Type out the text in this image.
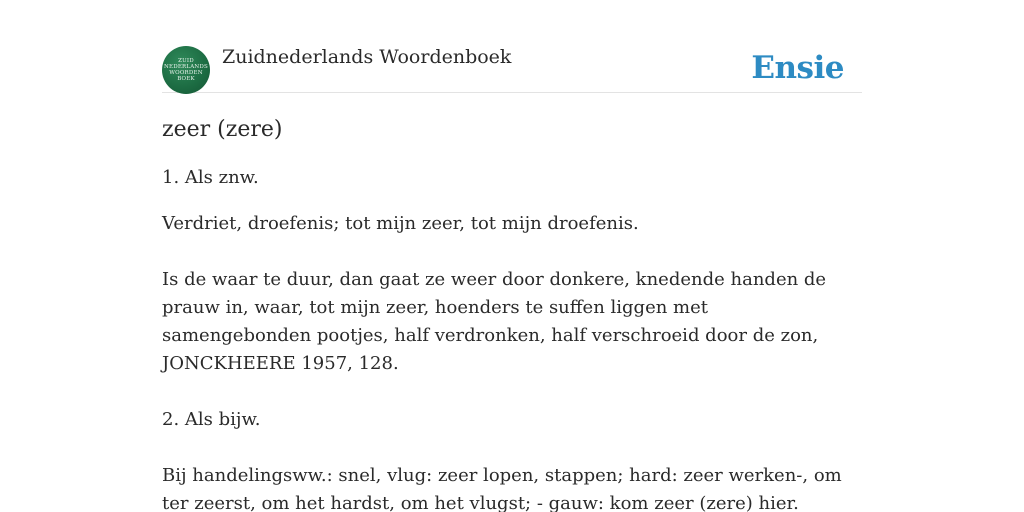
ZUID
NEDERLANDS
WOORDEN
BOEK
Zuidnederlands Woordenboek	Ensie
zeer (zere)

1. Als znw.

Verdriet, droefenis; tot mijn zeer, tot mijn droefenis.

Is de waar te duur, dan gaat ze weer door donkere, knedende handen de prauw in, waar, tot mijn zeer, hoenders te suffen liggen met samengebonden pootjes, half verdronken, half verschroeid door de zon, JONCKHEERE 1957, 128.

2. Als bijw.

Bij handelingsww.: snel, vlug: zeer lopen, stappen; hard: zeer werken-, om ter zeerst, om het hardst, om het vlugst; - gauw: kom zeer (zere) hier.
